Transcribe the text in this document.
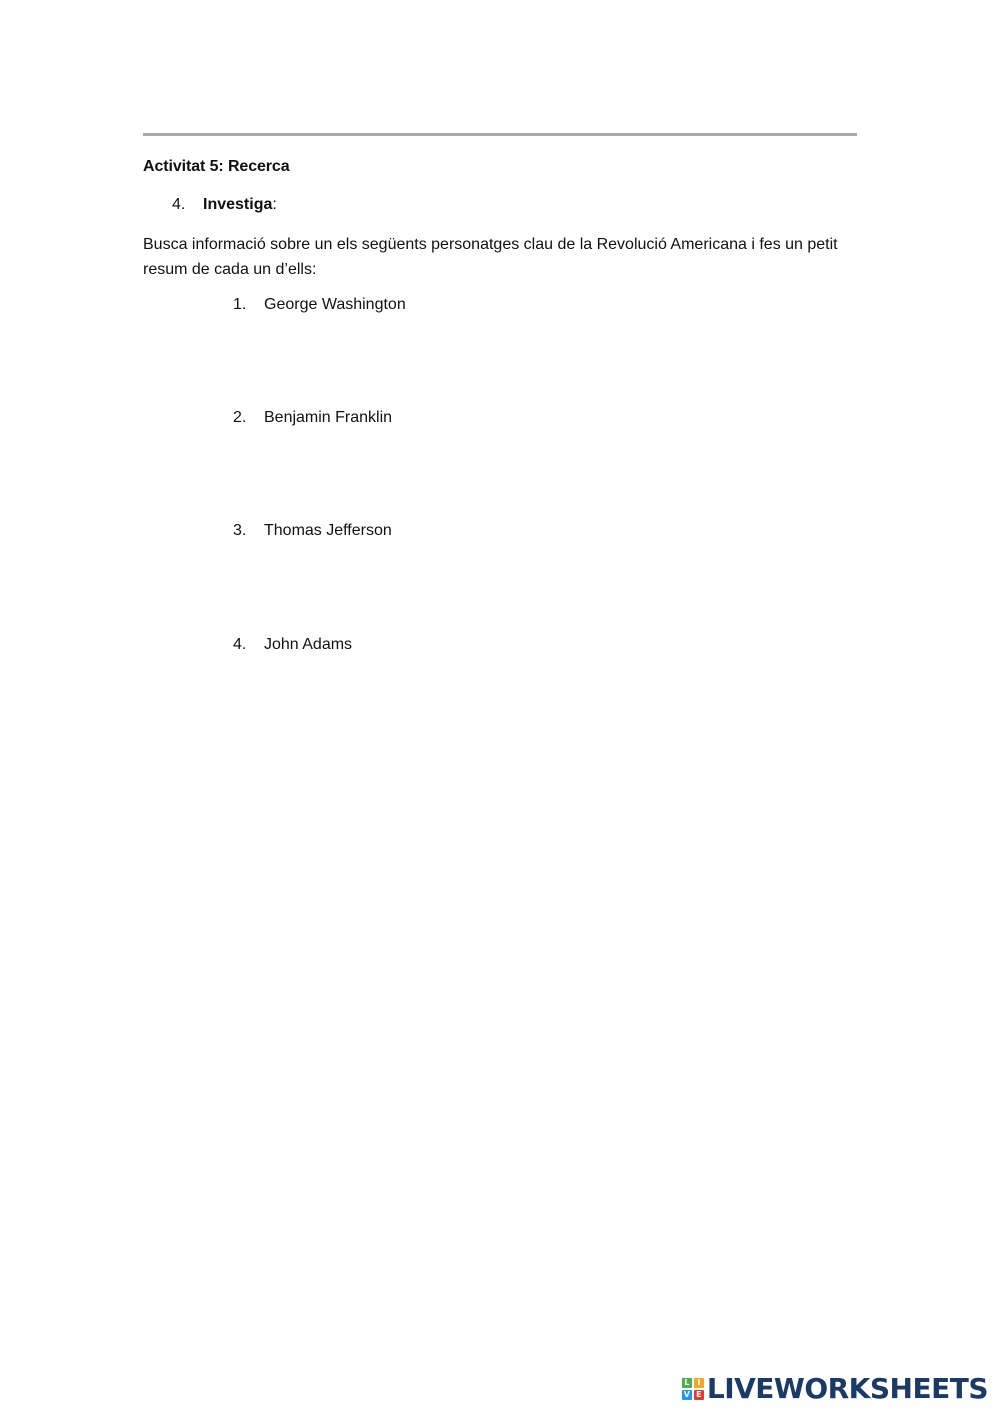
Activitat 5: Recerca
4. Investiga:
Busca informació sobre un els següents personatges clau de la Revolució Americana i fes un petit resum de cada un d’ells:
1. George Washington
2. Benjamin Franklin
3. Thomas Jefferson
4. John Adams
L I
V E LIVEWORKSHEETS
